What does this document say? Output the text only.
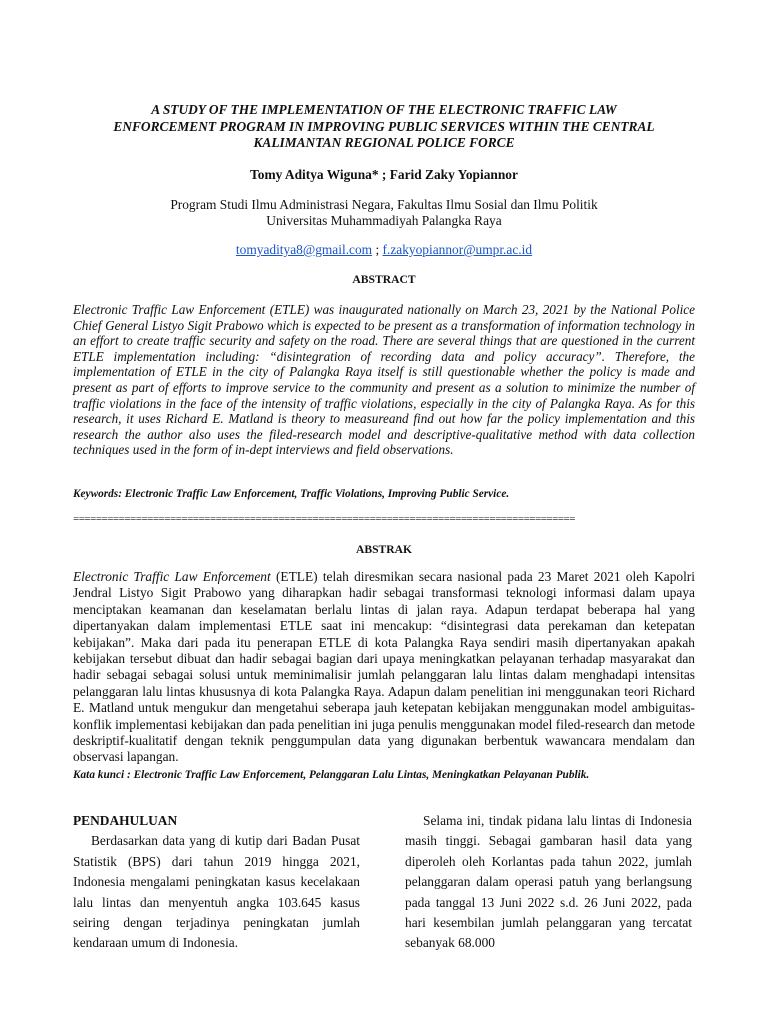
A STUDY OF THE IMPLEMENTATION OF THE ELECTRONIC TRAFFIC LAW ENFORCEMENT PROGRAM IN IMPROVING PUBLIC SERVICES WITHIN THE CENTRAL KALIMANTAN REGIONAL POLICE FORCE
Tomy Aditya Wiguna* ; Farid Zaky Yopiannor
Program Studi Ilmu Administrasi Negara, Fakultas Ilmu Sosial dan Ilmu Politik
Universitas Muhammadiyah Palangka Raya
tomyaditya8@gmail.com ; f.zakyopiannor@umpr.ac.id
ABSTRACT
Electronic Traffic Law Enforcement (ETLE) was inaugurated nationally on March 23, 2021 by the National Police Chief General Listyo Sigit Prabowo which is expected to be present as a transformation of information technology in an effort to create traffic security and safety on the road. There are several things that are questioned in the current ETLE implementation including: “disintegration of recording data and policy accuracy”. Therefore, the implementation of ETLE in the city of Palangka Raya itself is still questionable whether the policy is made and present as part of efforts to improve service to the community and present as a solution to minimize the number of traffic violations in the face of the intensity of traffic violations, especially in the city of Palangka Raya. As for this research, it uses Richard E. Matland is theory to measureand find out how far the policy implementation and this research the author also uses the filed-research model and descriptive-qualitative method with data collection techniques used in the form of in-dept interviews and field observations.
Keywords: Electronic Traffic Law Enforcement, Traffic Violations, Improving Public Service.
========================================================================================
ABSTRAK
Electronic Traffic Law Enforcement (ETLE) telah diresmikan secara nasional pada 23 Maret 2021 oleh Kapolri Jendral Listyo Sigit Prabowo yang diharapkan hadir sebagai transformasi teknologi informasi dalam upaya menciptakan keamanan dan keselamatan berlalu lintas di jalan raya. Adapun terdapat beberapa hal yang dipertanyakan dalam implementasi ETLE saat ini mencakup: “disintegrasi data perekaman dan ketepatan kebijakan”. Maka dari pada itu penerapan ETLE di kota Palangka Raya sendiri masih dipertanyakan apakah kebijakan tersebut dibuat dan hadir sebagai bagian dari upaya meningkatkan pelayanan terhadap masyarakat dan hadir sebagai sebagai solusi untuk meminimalisir jumlah pelanggaran lalu lintas dalam menghadapi intensitas pelanggaran lalu lintas khususnya di kota Palangka Raya. Adapun dalam penelitian ini menggunakan teori Richard E. Matland untuk mengukur dan mengetahui seberapa jauh ketepatan kebijakan menggunakan model ambiguitas-konflik implementasi kebijakan dan pada penelitian ini juga penulis menggunakan model filed-research dan metode deskriptif-kualitatif dengan teknik penggumpulan data yang digunakan berbentuk wawancara mendalam dan observasi lapangan.
Kata kunci : Electronic Traffic Law Enforcement, Pelanggaran Lalu Lintas, Meningkatkan Pelayanan Publik.
PENDAHULUAN
Berdasarkan data yang di kutip dari Badan Pusat Statistik (BPS) dari tahun 2019 hingga 2021, Indonesia mengalami peningkatan kasus kecelakaan lalu lintas dan menyentuh angka 103.645 kasus seiring dengan terjadinya peningkatan jumlah kendaraan umum di Indonesia.
Selama ini, tindak pidana lalu lintas di Indonesia masih tinggi. Sebagai gambaran hasil data yang diperoleh oleh Korlantas pada tahun 2022, jumlah pelanggaran dalam operasi patuh yang berlangsung pada tanggal 13 Juni 2022 s.d. 26 Juni 2022, pada hari kesembilan jumlah pelanggaran yang tercatat sebanyak 68.000
